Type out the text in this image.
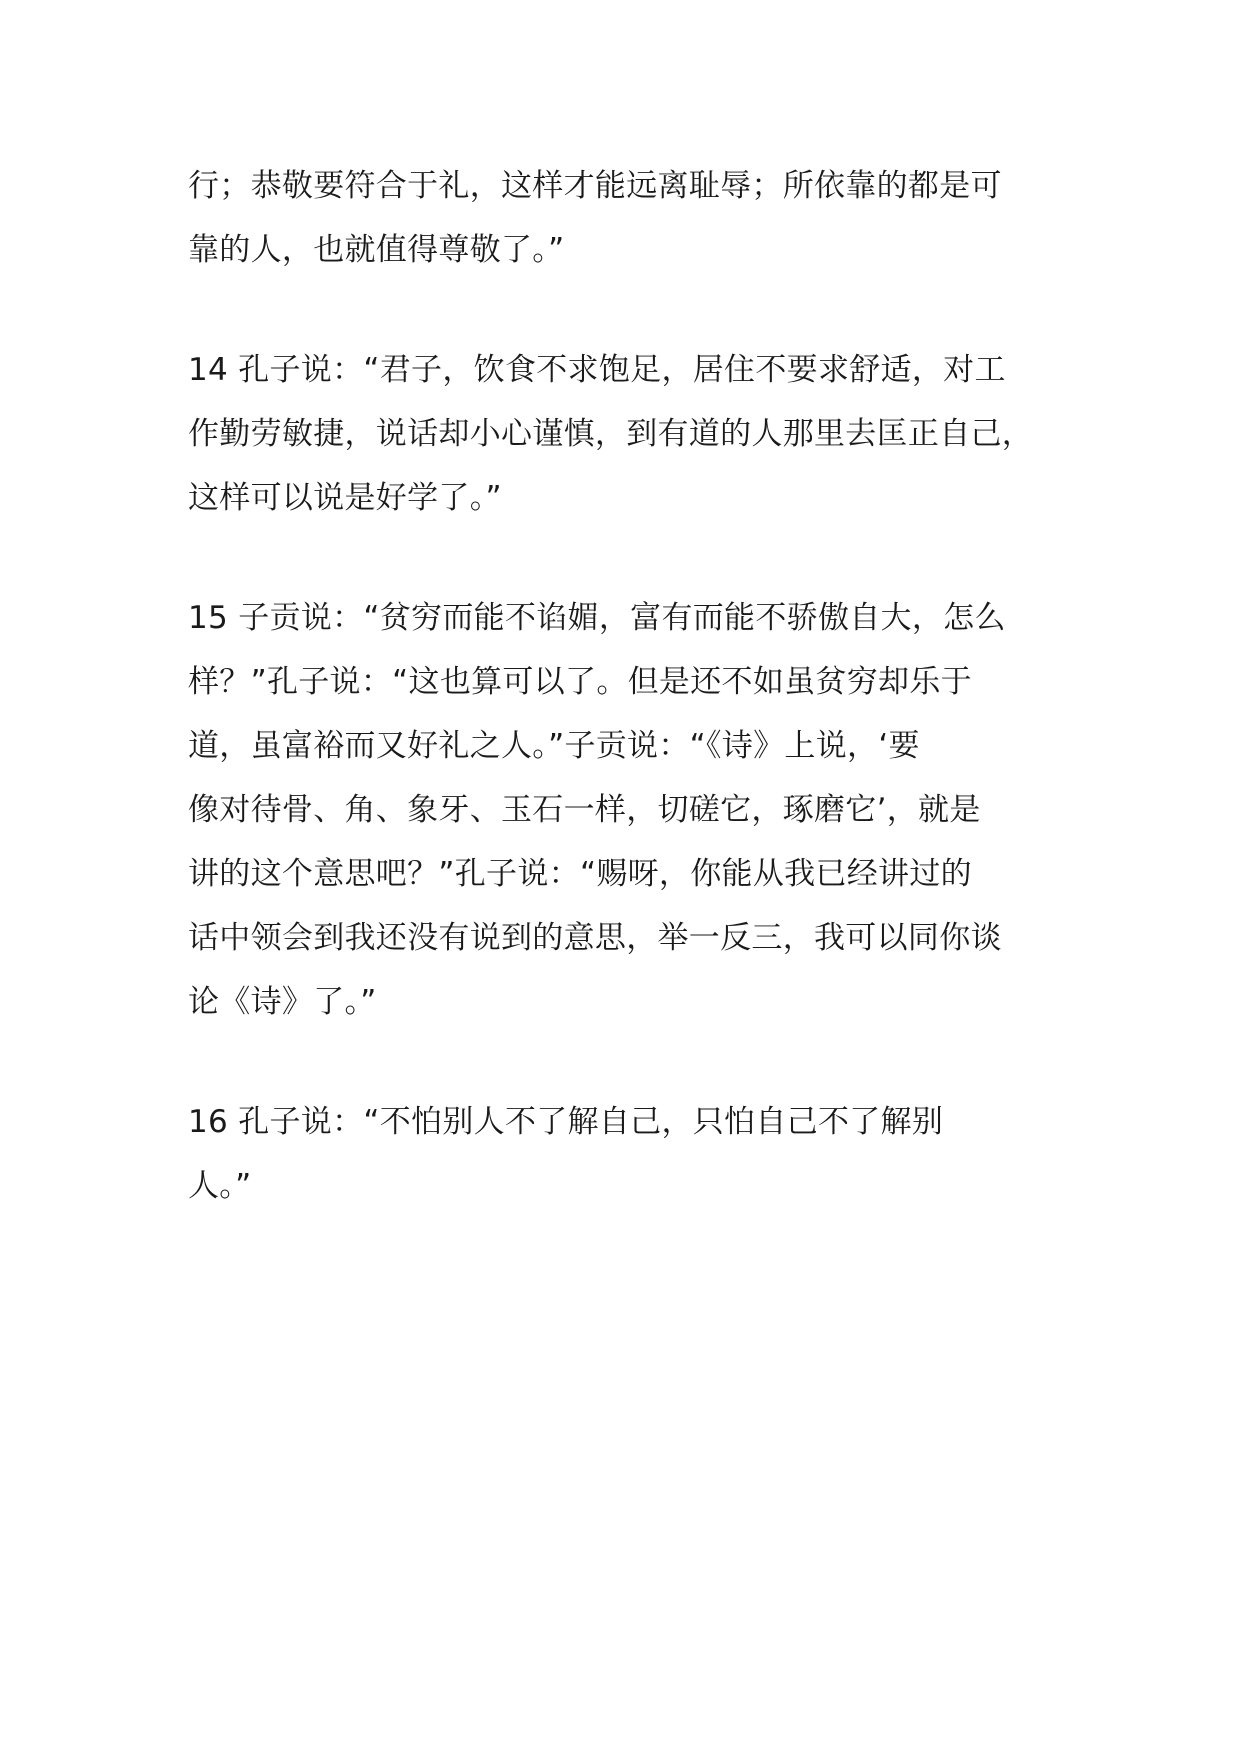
行；恭敬要符合于礼，这样才能远离耻辱；所依靠的都是可
靠的人，也就值得尊敬了。”
14 孔子说：“君子，饮食不求饱足，居住不要求舒适，对工
作勤劳敏捷，说话却小心谨慎，到有道的人那里去匡正自己，
这样可以说是好学了。”
15 子贡说：“贫穷而能不谄媚，富有而能不骄傲自大，怎么
样？”孔子说：“这也算可以了。但是还不如虽贫穷却乐于
道，虽富裕而又好礼之人。”子贡说：“《诗》上说，‘要
像对待骨、角、象牙、玉石一样，切磋它，琢磨它’，就是
讲的这个意思吧？”孔子说：“赐呀，你能从我已经讲过的
话中领会到我还没有说到的意思，举一反三，我可以同你谈
论《诗》了。”
16 孔子说：“不怕别人不了解自己，只怕自己不了解别
人。”
